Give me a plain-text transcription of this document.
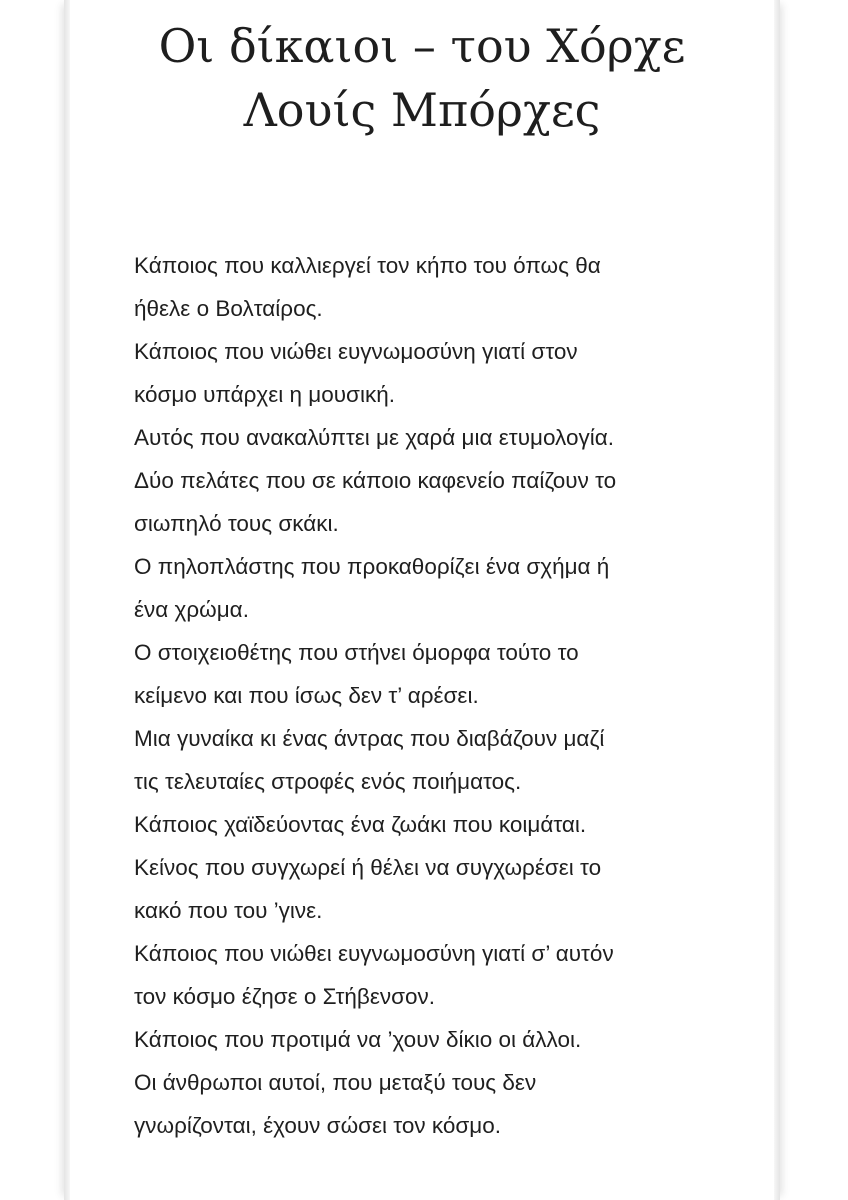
Οι δίκαιοι – του Χόρχε
Λουίς Μπόρχες
Κάποιος που καλλιεργεί τον κήπο του όπως θα
ήθελε ο Βολταίρος.
Κάποιος που νιώθει ευγνωμοσύνη γιατί στον
κόσμο υπάρχει η μουσική.
Αυτός που ανακαλύπτει με χαρά μια ετυμολογία.
Δύο πελάτες που σε κάποιο καφενείο παίζουν το
σιωπηλό τους σκάκι.
Ο πηλοπλάστης που προκαθορίζει ένα σχήμα ή
ένα χρώμα.
Ο στοιχειοθέτης που στήνει όμορφα τούτο το
κείμενο και που ίσως δεν τ’ αρέσει.
Μια γυναίκα κι ένας άντρας που διαβάζουν μαζί
τις τελευταίες στροφές ενός ποιήματος.
Κάποιος χαϊδεύοντας ένα ζωάκι που κοιμάται.
Κείνος που συγχωρεί ή θέλει να συγχωρέσει το
κακό που του ’γινε.
Κάποιος που νιώθει ευγνωμοσύνη γιατί σ’ αυτόν
τον κόσμο έζησε ο Στήβενσον.
Κάποιος που προτιμά να ’χουν δίκιο οι άλλοι.
Οι άνθρωποι αυτοί, που μεταξύ τους δεν
γνωρίζονται, έχουν σώσει τον κόσμο.
